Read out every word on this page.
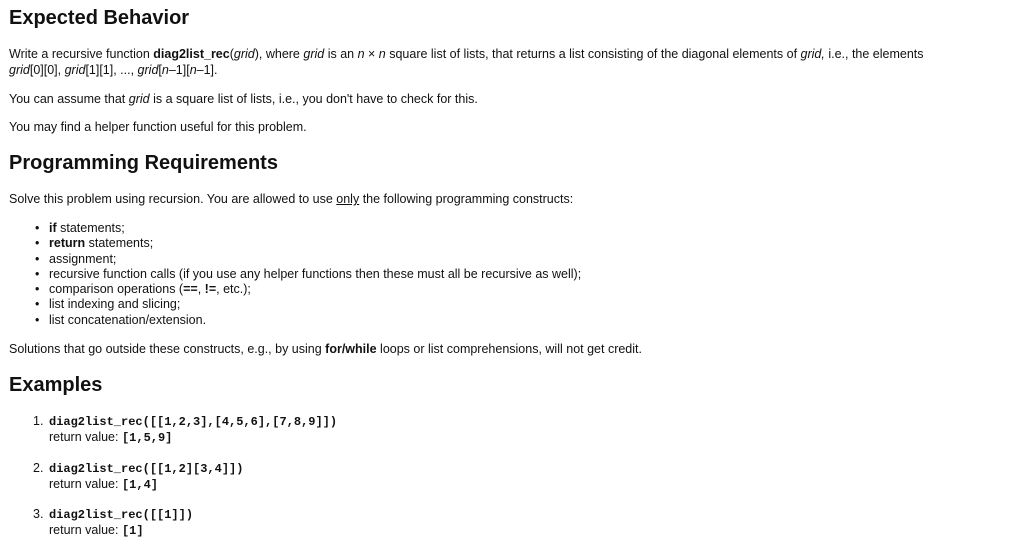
Expected Behavior

Write a recursive function diag2list_rec(grid), where grid is an n × n square list of lists, that returns a list consisting of the diagonal elements of grid, i.e., the elements
grid[0][0], grid[1][1], ..., grid[n–1][n–1].

You can assume that grid is a square list of lists, i.e., you don't have to check for this.

You may find a helper function useful for this problem.

Programming Requirements

Solve this problem using recursion. You are allowed to use only the following programming constructs:

• if statements;
• return statements;
• assignment;
• recursive function calls (if you use any helper functions then these must all be recursive as well);
• comparison operations (==, !=, etc.);
• list indexing and slicing;
• list concatenation/extension.

Solutions that go outside these constructs, e.g., by using for/while loops or list comprehensions, will not get credit.

Examples
1. diag2list_rec([[1,2,3],[4,5,6],[7,8,9]])
return value: [1,5,9]
2. diag2list_rec([[1,2][3,4]])
return value: [1,4]
3. diag2list_rec([[1]])
return value: [1]
